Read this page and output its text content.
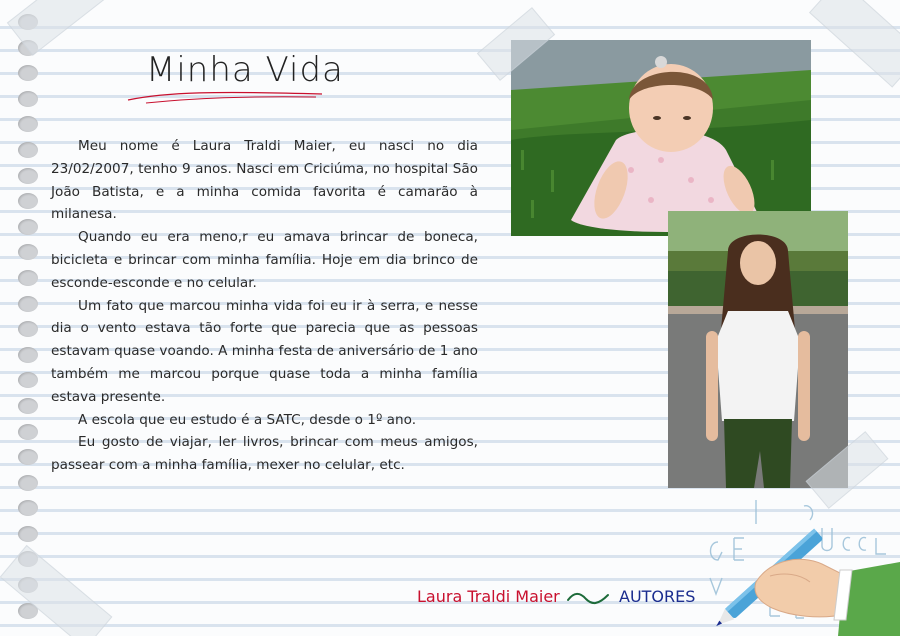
Minha Vida

Meu nome é Laura Traldi Maier, eu nasci no dia 23/02/2007, tenho 9 anos. Nasci em Criciúma, no hospital São João Batista, e a minha comida favorita é camarão à milanesa.

Quando eu era meno,r eu amava brincar de boneca, bicicleta e brincar com minha família. Hoje em dia brinco de esconde-esconde e no celular.

Um fato que marcou minha vida foi eu ir à serra, e nesse dia o vento estava tão forte que parecia que as pessoas estavam quase voando. A minha festa de aniversário de 1 ano também me marcou porque quase toda a minha família estava presente.

A escola que eu estudo é a SATC, desde o 1º ano.

Eu gosto de viajar, ler livros, brincar com meus amigos, passear com a minha família, mexer no celular, etc.

Laura Traldi Maier	AUTORES
